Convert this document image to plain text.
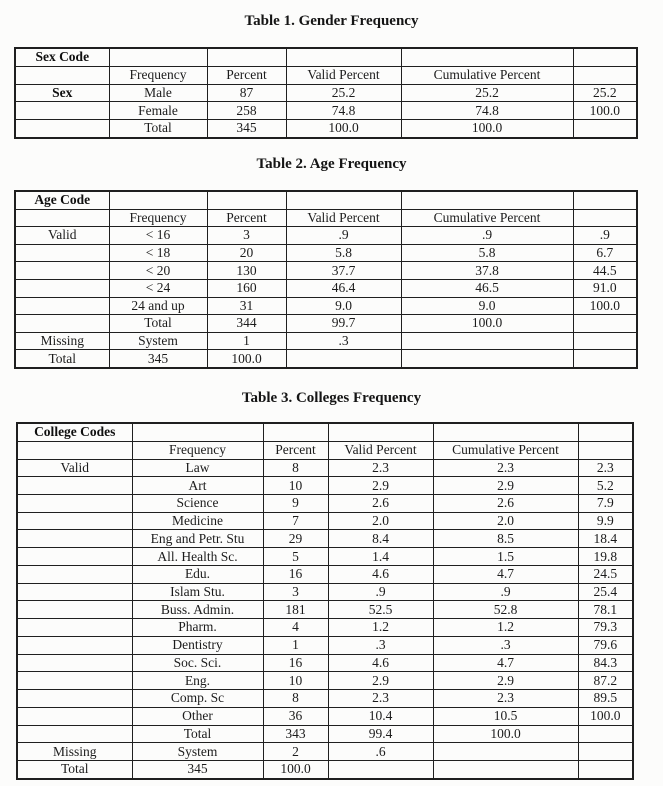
Table 1. Gender Frequency
Sex Code					
	Frequency	Percent	Valid Percent	Cumulative Percent	
Sex	Male	87	25.2	25.2	25.2
	Female	258	74.8	74.8	100.0
	Total	345	100.0	100.0	
Table 2. Age Frequency
Age Code					
	Frequency	Percent	Valid Percent	Cumulative Percent	
Valid	< 16	3	.9	.9	.9
	< 18	20	5.8	5.8	6.7
	< 20	130	37.7	37.8	44.5
	< 24	160	46.4	46.5	91.0
	24 and up	31	9.0	9.0	100.0
	Total	344	99.7	100.0	
Missing	System	1	.3		
Total	345	100.0			
Table 3. Colleges Frequency
College Codes					
	Frequency	Percent	Valid Percent	Cumulative Percent	
Valid	Law	8	2.3	2.3	2.3
	Art	10	2.9	2.9	5.2
	Science	9	2.6	2.6	7.9
	Medicine	7	2.0	2.0	9.9
	Eng and Petr. Stu	29	8.4	8.5	18.4
	All. Health Sc.	5	1.4	1.5	19.8
	Edu.	16	4.6	4.7	24.5
	Islam Stu.	3	.9	.9	25.4
	Buss. Admin.	181	52.5	52.8	78.1
	Pharm.	4	1.2	1.2	79.3
	Dentistry	1	.3	.3	79.6
	Soc. Sci.	16	4.6	4.7	84.3
	Eng.	10	2.9	2.9	87.2
	Comp. Sc	8	2.3	2.3	89.5
	Other	36	10.4	10.5	100.0
	Total	343	99.4	100.0	
Missing	System	2	.6		
Total	345	100.0			
